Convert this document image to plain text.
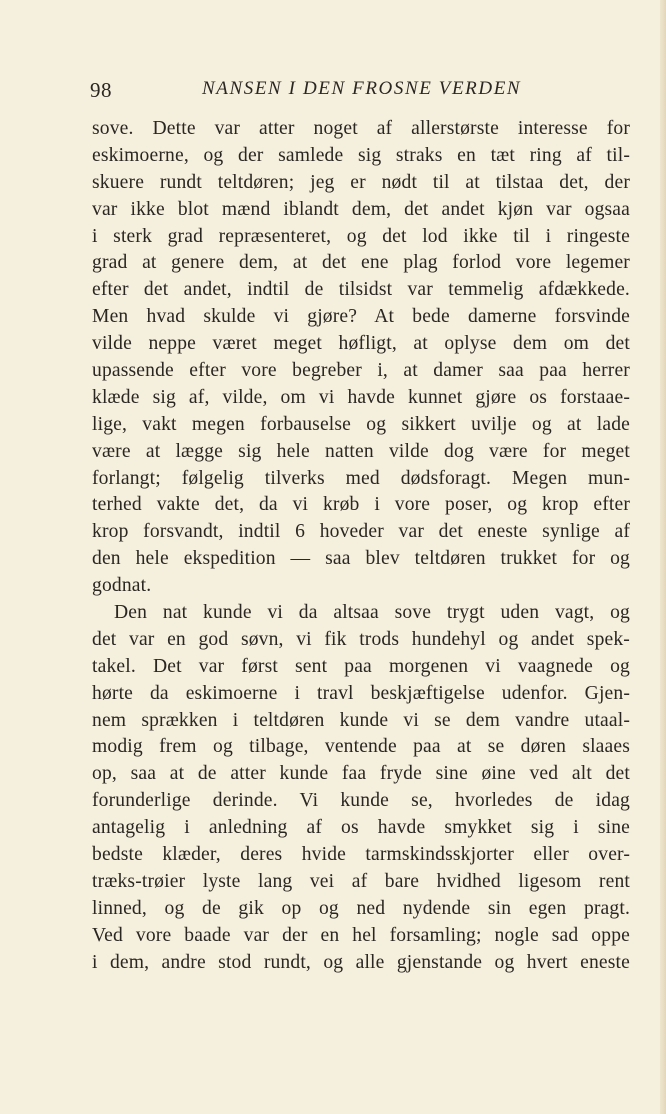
98	NANSEN I DEN FROSNE VERDEN
sove. Dette var atter noget af allerstørste interesse for
eskimoerne, og der samlede sig straks en tæt ring af til-
skuere rundt teltdøren; jeg er nødt til at tilstaa det, der
var ikke blot mænd iblandt dem, det andet kjøn var ogsaa
i sterk grad repræsenteret, og det lod ikke til i ringeste
grad at genere dem, at det ene plag forlod vore legemer
efter det andet, indtil de tilsidst var temmelig afdækkede.
Men hvad skulde vi gjøre? At bede damerne forsvinde
vilde neppe været meget høfligt, at oplyse dem om det
upassende efter vore begreber i, at damer saa paa herrer
klæde sig af, vilde, om vi havde kunnet gjøre os forstaae-
lige, vakt megen forbauselse og sikkert uvilje og at lade
være at lægge sig hele natten vilde dog være for meget
forlangt; følgelig tilverks med dødsforagt. Megen mun-
terhed vakte det, da vi krøb i vore poser, og krop efter
krop forsvandt, indtil 6 hoveder var det eneste synlige af
den hele ekspedition — saa blev teltdøren trukket for og
godnat.
Den nat kunde vi da altsaa sove trygt uden vagt, og
det var en god søvn, vi fik trods hundehyl og andet spek-
takel. Det var først sent paa morgenen vi vaagnede og
hørte da eskimoerne i travl beskjæftigelse udenfor. Gjen-
nem sprækken i teltdøren kunde vi se dem vandre utaal-
modig frem og tilbage, ventende paa at se døren slaaes
op, saa at de atter kunde faa fryde sine øine ved alt det
forunderlige derinde. Vi kunde se, hvorledes de idag
antagelig i anledning af os havde smykket sig i sine
bedste klæder, deres hvide tarmskindsskjorter eller over-
træks-trøier lyste lang vei af bare hvidhed ligesom rent
linned, og de gik op og ned nydende sin egen pragt.
Ved vore baade var der en hel forsamling; nogle sad oppe
i dem, andre stod rundt, og alle gjenstande og hvert eneste
